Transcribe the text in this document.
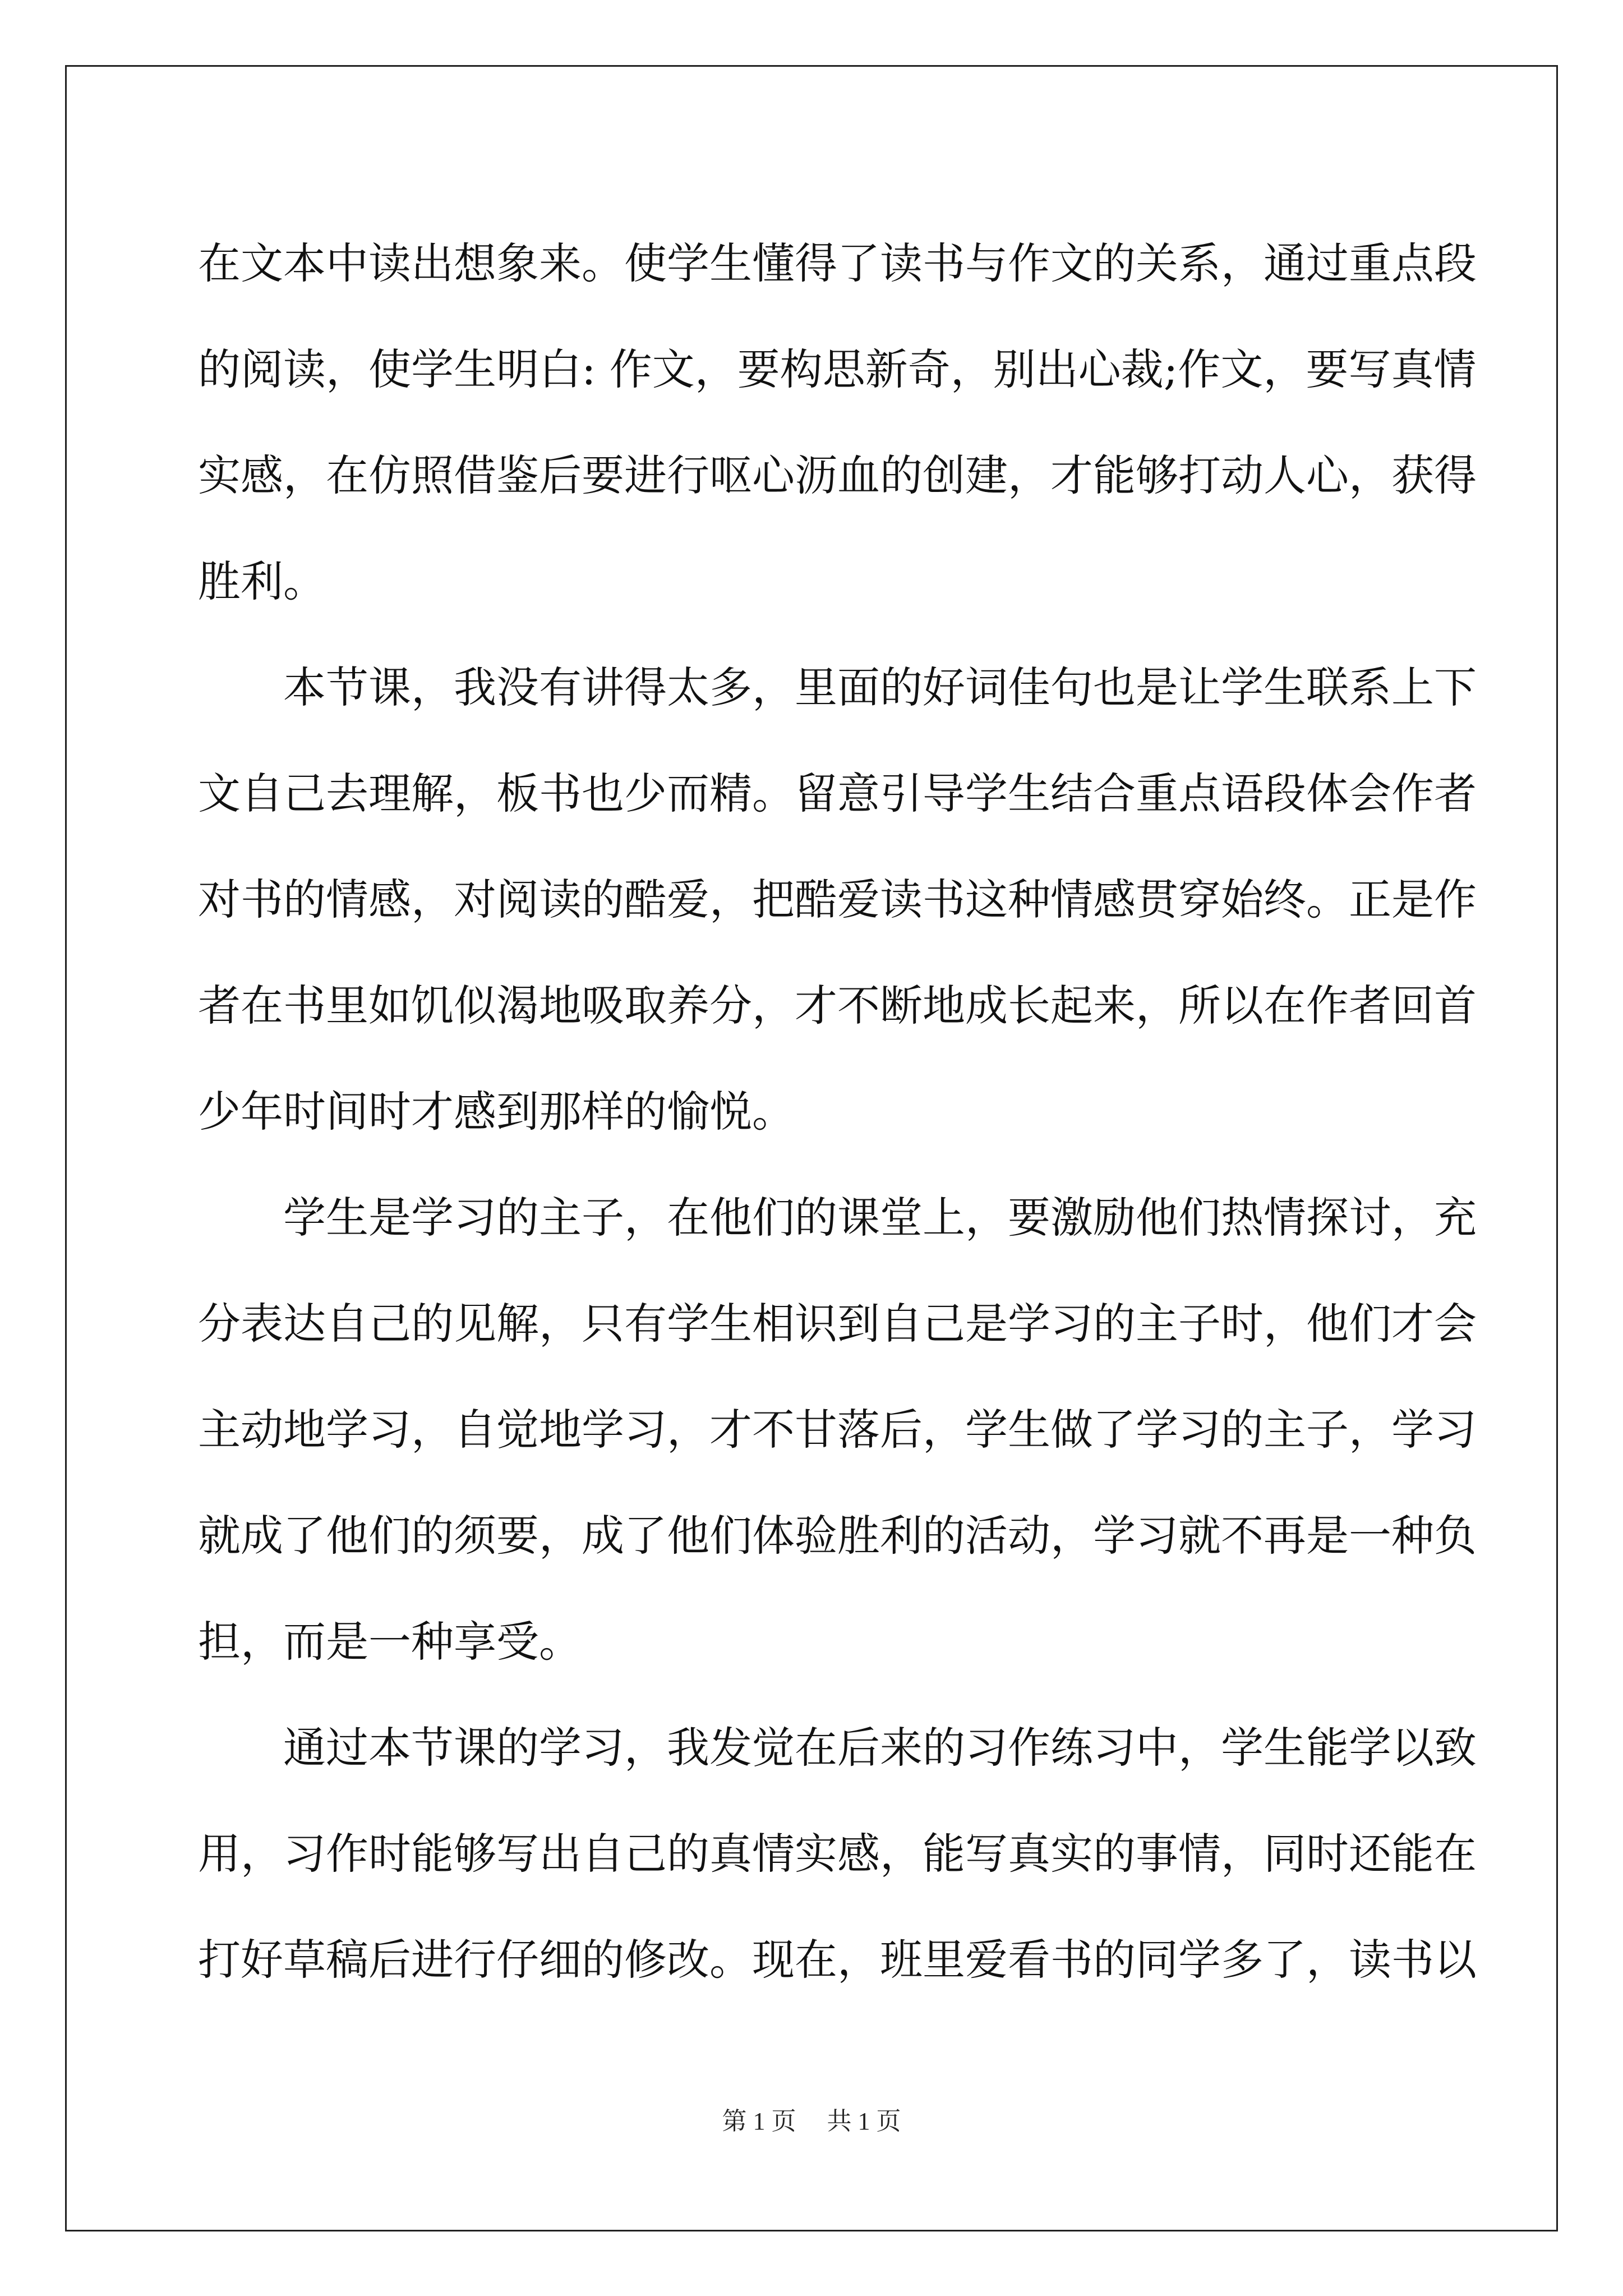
在文本中读出想象来。使学生懂得了读书与作文的关系，通过重点段

的阅读，使学生明白: 作文，要构思新奇，别出心裁;作文，要写真情

实感，在仿照借鉴后要进行呕心沥血的创建，才能够打动人心，获得

胜利。

　　本节课，我没有讲得太多，里面的好词佳句也是让学生联系上下

文自己去理解，板书也少而精。留意引导学生结合重点语段体会作者

对书的情感，对阅读的酷爱，把酷爱读书这种情感贯穿始终。正是作

者在书里如饥似渴地吸取养分，才不断地成长起来，所以在作者回首

少年时间时才感到那样的愉悦。

　　学生是学习的主子，在他们的课堂上，要激励他们热情探讨，充

分表达自己的见解，只有学生相识到自己是学习的主子时，他们才会

主动地学习，自觉地学习，才不甘落后，学生做了学习的主子，学习

就成了他们的须要，成了他们体验胜利的活动，学习就不再是一种负

担，而是一种享受。

　　通过本节课的学习，我发觉在后来的习作练习中，学生能学以致

用，习作时能够写出自己的真情实感，能写真实的事情，同时还能在

打好草稿后进行仔细的修改。现在，班里爱看书的同学多了，读书以

第 1 页　 共 1 页
